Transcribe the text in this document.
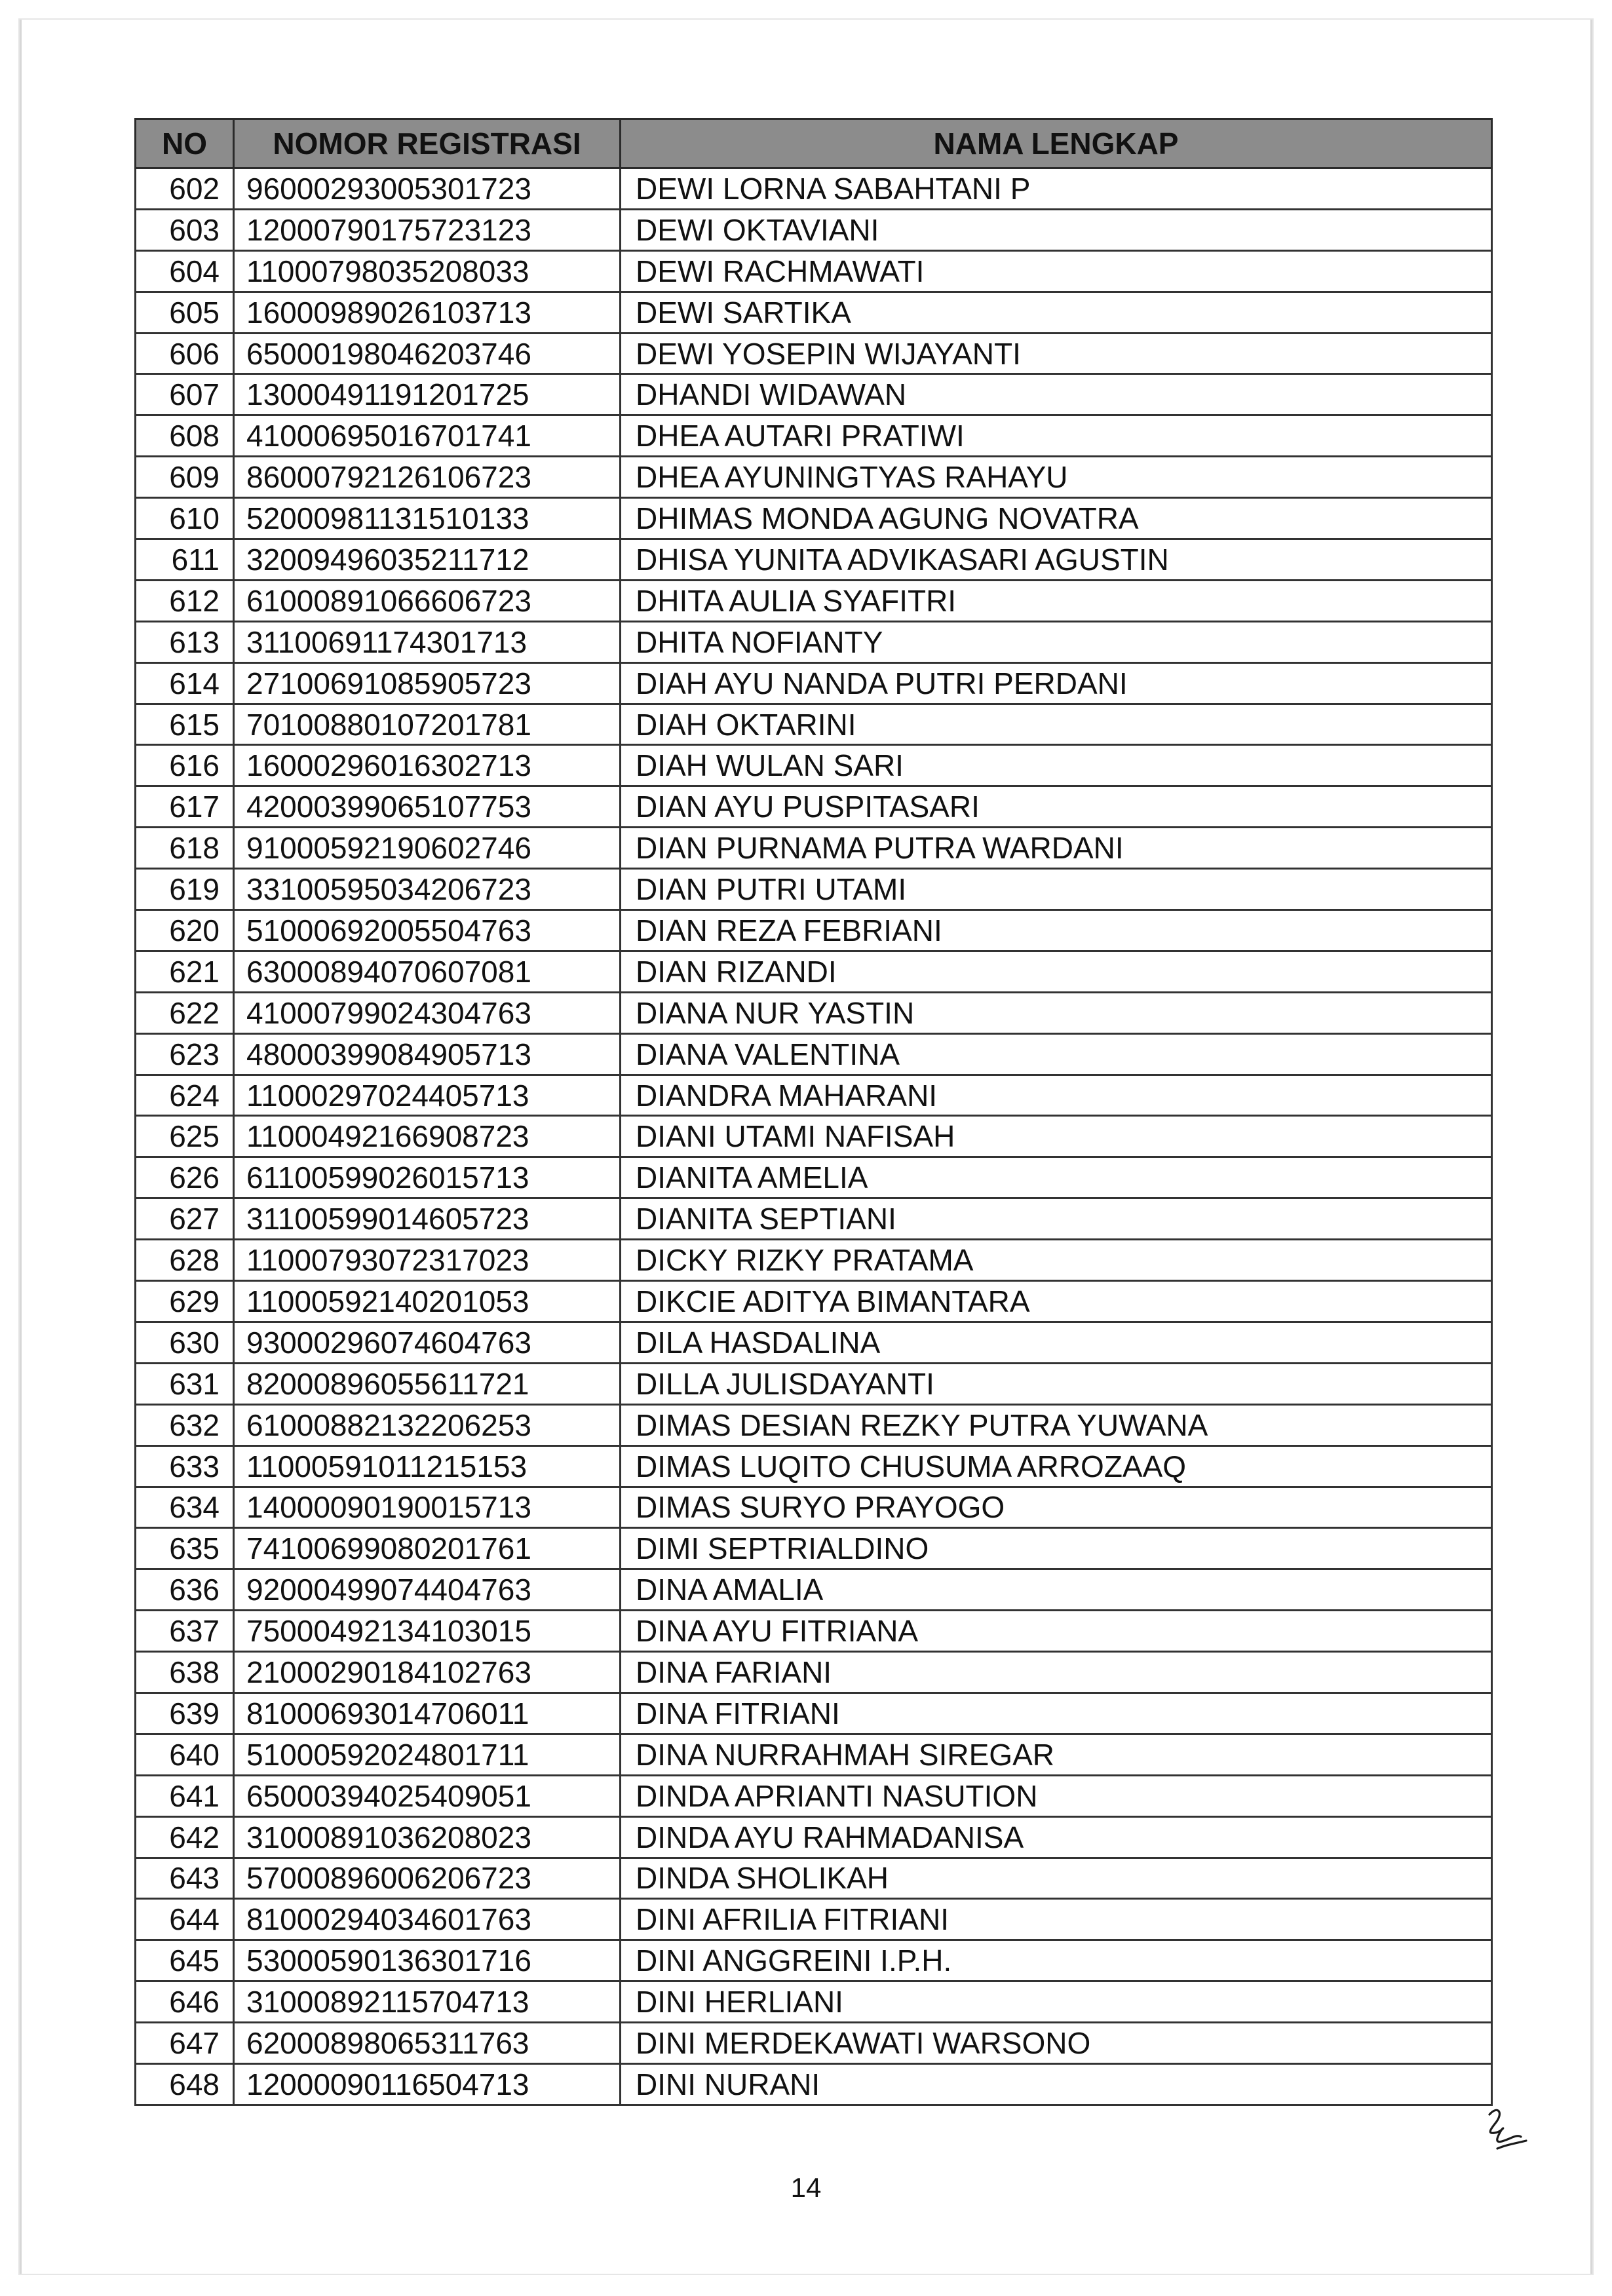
NO	NOMOR REGISTRASI	NAMA LENGKAP
602	96000293005301723	DEWI LORNA SABAHTANI P
603	12000790175723123	DEWI OKTAVIANI
604	11000798035208033	DEWI RACHMAWATI
605	16000989026103713	DEWI SARTIKA
606	65000198046203746	DEWI YOSEPIN WIJAYANTI
607	13000491191201725	DHANDI WIDAWAN
608	41000695016701741	DHEA AUTARI PRATIWI
609	86000792126106723	DHEA AYUNINGTYAS RAHAYU
610	52000981131510133	DHIMAS MONDA AGUNG NOVATRA
611	32009496035211712	DHISA YUNITA ADVIKASARI AGUSTIN
612	61000891066606723	DHITA AULIA SYAFITRI
613	31100691174301713	DHITA NOFIANTY
614	27100691085905723	DIAH AYU NANDA PUTRI PERDANI
615	70100880107201781	DIAH OKTARINI
616	16000296016302713	DIAH WULAN SARI
617	42000399065107753	DIAN AYU PUSPITASARI
618	91000592190602746	DIAN PURNAMA PUTRA WARDANI
619	33100595034206723	DIAN PUTRI UTAMI
620	51000692005504763	DIAN REZA FEBRIANI
621	63000894070607081	DIAN RIZANDI
622	41000799024304763	DIANA NUR YASTIN
623	48000399084905713	DIANA VALENTINA
624	11000297024405713	DIANDRA MAHARANI
625	11000492166908723	DIANI UTAMI NAFISAH
626	61100599026015713	DIANITA AMELIA
627	31100599014605723	DIANITA SEPTIANI
628	11000793072317023	DICKY RIZKY PRATAMA
629	11000592140201053	DIKCIE ADITYA BIMANTARA
630	93000296074604763	DILA HASDALINA
631	82000896055611721	DILLA JULISDAYANTI
632	61000882132206253	DIMAS DESIAN REZKY PUTRA YUWANA
633	11000591011215153	DIMAS LUQITO CHUSUMA ARROZAAQ
634	14000090190015713	DIMAS SURYO PRAYOGO
635	74100699080201761	DIMI SEPTRIALDINO
636	92000499074404763	DINA AMALIA
637	75000492134103015	DINA AYU FITRIANA
638	21000290184102763	DINA FARIANI
639	81000693014706011	DINA FITRIANI
640	51000592024801711	DINA NURRAHMAH SIREGAR
641	65000394025409051	DINDA APRIANTI NASUTION
642	31000891036208023	DINDA AYU RAHMADANISA
643	57000896006206723	DINDA SHOLIKAH
644	81000294034601763	DINI AFRILIA FITRIANI
645	53000590136301716	DINI ANGGREINI I.P.H.
646	31000892115704713	DINI HERLIANI
647	62000898065311763	DINI MERDEKAWATI WARSONO
648	12000090116504713	DINI NURANI
14
